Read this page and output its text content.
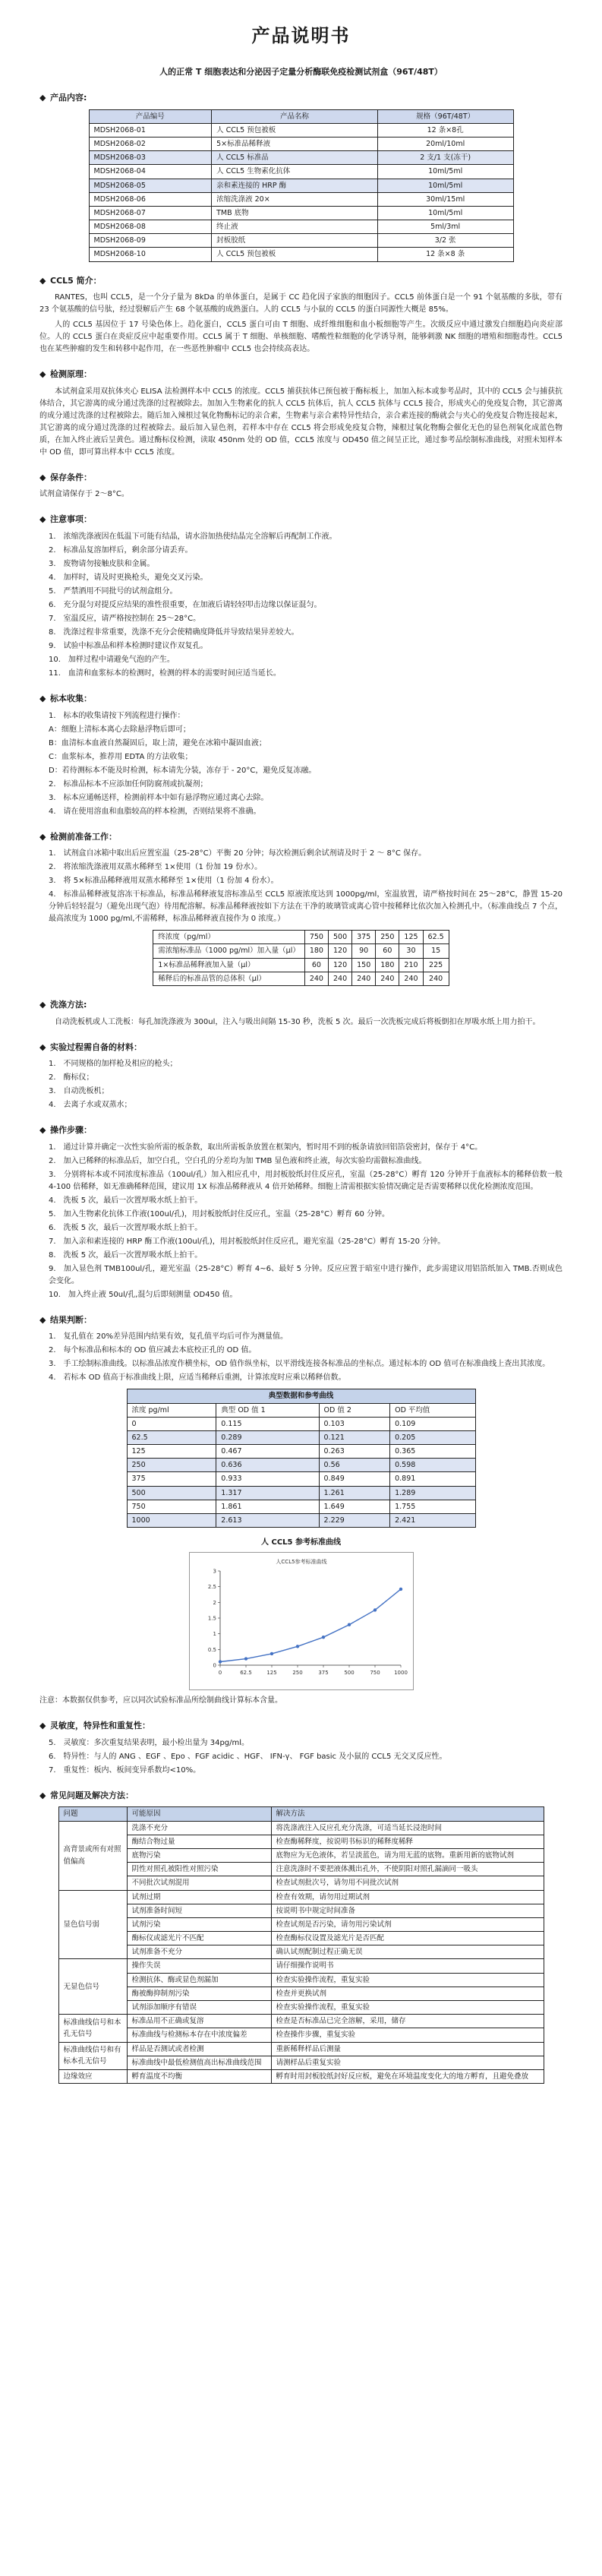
产品说明书
人的正常 T 细胞表达和分泌因子定量分析酶联免疫检测试剂盒（96T/48T）
◆ 产品内容:
产品编号	产品名称	规格（96T/48T）
MDSH2068-01	人 CCL5 预包被板	12 条×8孔
MDSH2068-02	5×标准品稀释液	20ml/10ml
MDSH2068-03	人 CCL5 标准品	2 支/1 支(冻干)
MDSH2068-04	人 CCL5 生物素化抗体	10ml/5ml
MDSH2068-05	亲和素连接的 HRP 酶	10ml/5ml
MDSH2068-06	浓缩洗涤液 20×	30ml/15ml
MDSH2068-07	TMB 底物	10ml/5ml
MDSH2068-08	终止液	5ml/3ml
MDSH2068-09	封板胶纸	3/2 张
MDSH2068-10	人 CCL5 预包被板	12 条×8 条
◆ CCL5 简介：

RANTES，也叫 CCL5，是一个分子量为 8kDa 的单体蛋白，是属于 CC 趋化因子家族的细胞因子。CCL5 前体蛋白是一个 91 个氨基酸的多肽，带有 23 个氨基酸的信号肽，经过裂解后产生 68 个氨基酸的成熟蛋白。人的 CCL5 与小鼠的 CCL5 的蛋白同源性大概是 85%。

人的 CCL5 基因位于 17 号染色体上。趋化蛋白，CCL5 蛋白可由 T 细胞、成纤维细胞和血小板细胞等产生。次级反应中通过激发白细胞趋向炎症部位。人的 CCL5 蛋白在炎症反应中起重要作用。CCL5 属于 T 细胞、单核细胞、嗜酸性粒细胞的化学诱导剂，能够刺激 NK 细胞的增殖和细胞毒性。CCL5 也在某些肿瘤的发生和转移中起作用，在一些恶性肿瘤中 CCL5 也会持续高表达。

◆ 检测原理：

本试剂盒采用双抗体夹心 ELISA 法检测样本中 CCL5 的浓度。CCL5 捕获抗体已预包被于酶标板上，加加入标本或参考品时，其中的 CCL5 会与捕获抗体结合，其它游离的成分通过洗涤的过程被除去。加加入生物素化的抗人 CCL5 抗体后，抗人 CCL5 抗体与 CCL5 接合，形成夹心的免疫复合物，其它游离的成分通过洗涤的过程被除去。随后加入辣根过氧化物酶标记的亲合素，生物素与亲合素特异性结合，亲合素连接的酶就会与夹心的免疫复合物连接起来，其它游离的成分通过洗涤的过程被除去。最后加入显色剂，若样本中存在 CCL5 将会形成免疫复合物，辣根过氧化物酶会催化无色的显色剂氧化成蓝色物质，在加入终止液后呈黄色。通过酶标仪检测，读取 450nm 处的 OD 值，CCL5 浓度与 OD450 值之间呈正比，通过参考品绘制标准曲线，对照未知样本中 OD 值，即可算出样本中 CCL5 浓度。

◆ 保存条件：

试剂盒请保存于 2～8°C。

◆ 注意事项：
1.　浓缩洗涤液因在低温下可能有结晶，请水浴加热使结晶完全溶解后再配制工作液。
2.　标准品复溶加样后，剩余部分请丢弃。
3.　废物请勿接触皮肤和金属。
4.　加样时，请及时更换枪头，避免交叉污染。
5.　严禁酒用不同批号的试剂盒组分。
6.　充分混匀对提反应结果的准性很重要，在加液后请轻轻叩击边缘以保证混匀。
7.　室温反应，请严格按控制在 25～28°C。
8.　洗涤过程非常重要，洗涤不充分会使精确度降低并导致结果异差较大。
9.　试验中标准品和样本检测时建议作双复孔。
10.　加样过程中请避免气泡的产生。
11.　血清和血浆标本的检测时，检测的样本的需要时间应适当延长。
◆ 标本收集：
1.　标本的收集请按下列流程进行操作：
A：细胞上清标本离心去除悬浮物后即可；
B：血清标本血液自然凝固后，取上清，避免在冰箱中凝固血液；
C：血浆标本，推荐用 EDTA 的方法收集；
D：若待测标本不能及时检测，标本请先分装，冻存于 - 20°C，避免反复冻融。
2.　标准品标本不应添加任何防腐剂或抗凝剂；
3.　标本应通畅送样，检测前样本中如有悬浮物应通过离心去除。
4.　请在使用溶血和血脂较高的样本检测，否则结果将不准确。
◆ 检测前准备工作：
1.　试剂盒自冰箱中取出后应置室温（25-28°C）平衡 20 分钟；每次检测后剩余试剂请及时于 2 ～ 8°C 保存。
2.　将浓缩洗涤液用双蒸水稀释至 1×使用（1 份加 19 份水）。
3.　将 5×标准品稀释液用双蒸水稀释至 1×使用（1 份加 4 份水）。
4.　标准品稀释液复溶冻干标准品，标准品稀释液复溶标准品至 CCL5 原液浓度达到 1000pg/ml，室温放置，请严格按时间在 25～28°C，静置 15-20 分钟后轻轻混匀（避免出现气泡）待用配溶解。标准品稀释液按如下方法在干净的玻璃管或离心管中按稀释比依次加入检测孔中。（标准曲线点 7 个点，最高浓度为 1000 pg/ml,不需稀释，标准品稀释液直接作为 0 浓度。）
终浓度（pg/ml）	750	500	375	250	125	62.5
需浓缩标准品（1000 pg/ml）加入量（μl）	180	120	90	60	30	15
1×标准品稀释液加入量（μl）	60	120	150	180	210	225
稀释后的标准品管的总体积（μl）	240	240	240	240	240	240
◆ 洗涤方法:

自动洗板机或人工洗板：每孔加洗涤液为 300ul，注入与吸出间隔 15-30 秒，洗板 5 次。最后一次洗板完成后将板倒扣在厚吸水纸上用力拍干。

◆ 实验过程需自备的材料：
1.　不同规格的加样枪及相应的枪头；
2.　酶标仪；
3.　自动洗板机；
4.　去离子水或双蒸水；
◆ 操作步骤：
1.　通过计算并确定一次性实验所需的板条数，取出所需板条放置在框架内，暂时用不到的板条请放回铝箔袋密封，保存于 4°C。
2.　加入已稀释的标准品后，加空白孔，空白孔的分差均为加 TMB 显色液和终止液，每次实验均需做标准曲线。
3.　分别将标本或不同浓度标准品（100ul/孔）加入相应孔中，用封板胶纸封住反应孔，室温（25-28°C）孵育 120 分钟开于血液标本的稀释倍数一般 4-100 倍稀释，如无准确稀释范围，建议用 1X 标准品稀释液从 4 倍开始稀释。细胞上清需根据实验情况确定是否需要稀释以优化检测浓度范围。
4.　洗板 5 次，最后一次置厚吸水纸上拍干。
5.　加入生物素化抗体工作液(100ul/孔)，用封板胶纸封住反应孔，室温（25-28°C）孵育 60 分钟。
6.　洗板 5 次，最后一次置厚吸水纸上拍干。
7.　加入亲和素连接的 HRP 酶工作液(100ul/孔)，用封板胶纸封住反应孔，避光室温（25-28°C）孵育 15-20 分钟。
8.　洗板 5 次，最后一次置厚吸水纸上拍干。
9.　加入显色剂 TMB100ul/孔，避光室温（25-28°C）孵育 4~6、最好 5 分钟。反应应置于暗室中进行操作，此步需建议用铝箔纸加入 TMB.否则成色会变化。
10.　加入终止液 50ul/孔,混匀后即刻测量 OD450 值。
◆ 结果判断：
1.　复孔值在 20%差异范围内结果有效，复孔值平均后可作为测量值。
2.　每个标准品和标本的 OD 值应减去本底校正孔的 OD 值。
3.　手工绘制标准曲线。以标准品浓度作横坐标，OD 值作纵坐标，以平滑线连接各标准品的坐标点。通过标本的 OD 值可在标准曲线上查出其浓度。
4.　若标本 OD 值高于标准曲线上限，应适当稀释后重测，计算浓度时应乘以稀释倍数。
典型数据和参考曲线			
浓度 pg/ml	典型 OD 值 1	OD 值 2	OD 平均值
0	0.115	0.103	0.109
62.5	0.289	0.121	0.205
125	0.467	0.263	0.365
250	0.636	0.56	0.598
375	0.933	0.849	0.891
500	1.317	1.261	1.289
750	1.861	1.649	1.755
1000	2.613	2.229	2.421
人 CCL5 参考标准曲线
人CCL5参考标准曲线
0
0.5
1
1.5
2
2.5
3
0	62.5	125	250	375	500	750	1000

注意：本数据仅供参考，应以同次试验标准品所绘制曲线计算标本含量。

◆ 灵敏度，特异性和重复性：
5.　灵敏度：多次重复结果表明，最小检出量为 34pg/ml。
6.　特异性：与人的 ANG 、EGF 、Epo 、FGF acidic 、HGF、 IFN-γ、 FGF basic 及小鼠的 CCL5 无交叉反应性。
7.　重复性：板内、板间变异系数均<10%。
◆ 常见问题及解决方法：
问题	可能原因	解决方法
高背景或所有对照值偏高	洗涤不充分	将洗涤液注入反应孔充分洗涤，可适当延长浸泡时间
	酶结合物过量	检查酶稀释度，按说明书标识的稀释度稀释
	底物污染	底物应为无色液体，若呈淡蓝色，请为用无蓝的底物。重新用新的底物试剂
	阴性对照孔被阳性对照污染	注意洗涤时不要把液体溅出孔外，不使阴阳对照孔漏滴同一吸头
	不同批次试剂混用	检查试剂批次号，请勿用不同批次试剂
显色信号弱	试剂过期	检查有效期，请勿用过期试剂
	试剂准备时间短	按说明书中规定时间准备
	试剂污染	检查试剂是否污染，请勿用污染试剂
	酶标仪或滤光片不匹配	检查酶标仪设置及滤光片是否匹配
	试剂准备不充分	确认试剂配制过程正确无误
无显色信号	操作失误	请仔细操作说明书
	检测抗体、酶或显色剂漏加	检查实验操作流程，重复实验
	酶被酶抑制剂污染	检查并更换试剂
	试剂添加顺序有错误	检查实验操作流程，重复实验
标准曲线信号和本孔无信号	标准品用不正确或复溶	检查是否标准品已完全溶解，采用，储存
	标准曲线与检测标本存在中浓度偏差	检查操作步骤，重复实验
标准曲线信号和有标本孔无信号	样品是否测试或者检测	重新稀释样品后测量
	标准曲线中最低检测值高出标准曲线范围	请测样品后重复实验
边缘效应	孵育温度不均衡	孵育时用封板胶纸封好反应板，避免在环境温度变化大的地方孵育，且避免叠放
